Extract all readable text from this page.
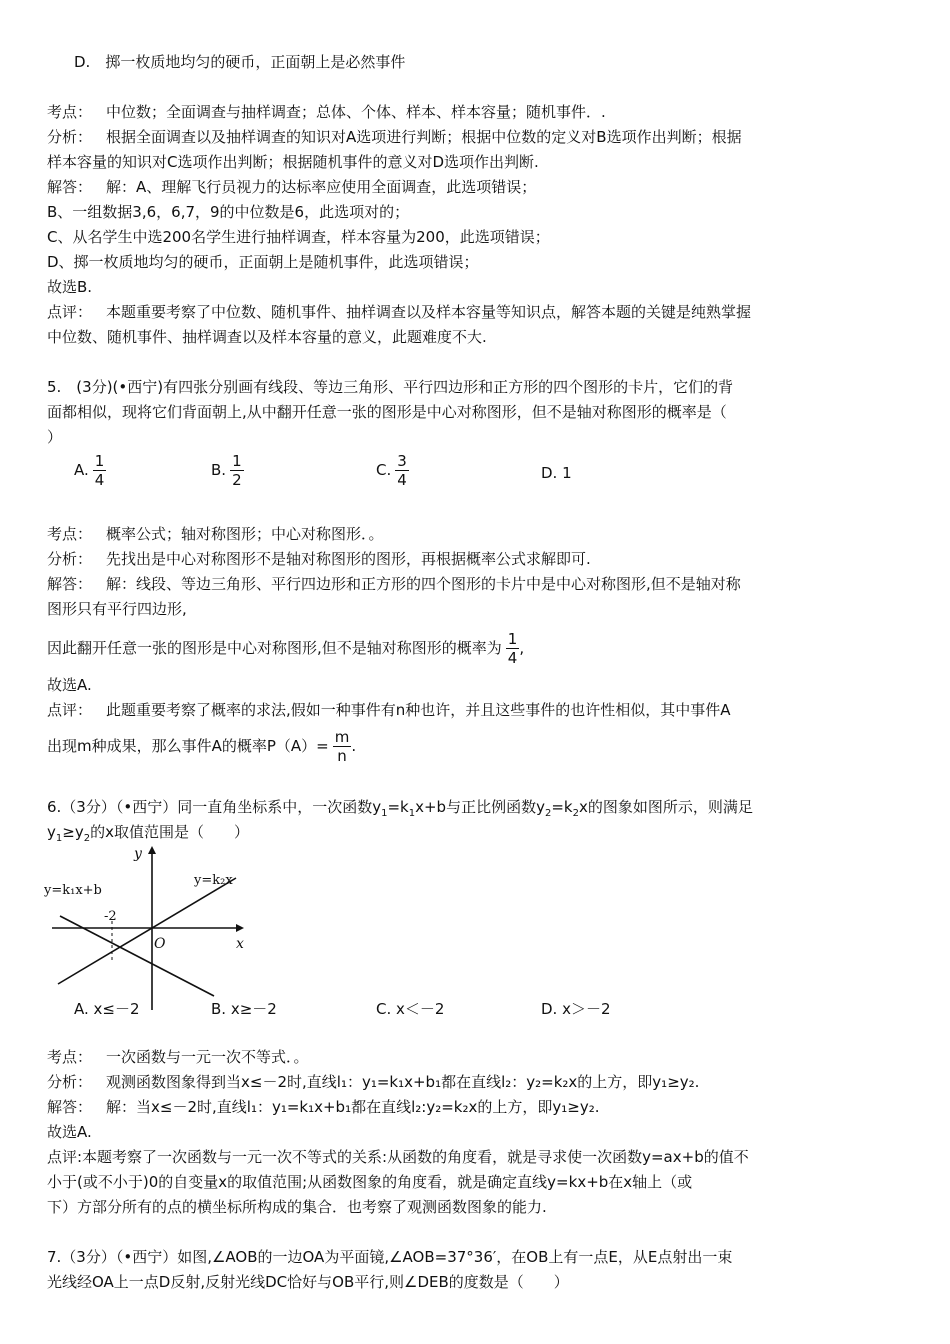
D.　掷一枚质地均匀的硬币，正面朝上是必然事件
考点： 中位数；全面调查与抽样调查；总体、个体、样本、样本容量；随机事件．.
分析： 根据全面调查以及抽样调查的知识对A选项进行判断；根据中位数的定义对B选项作出判断；根据
样本容量的知识对C选项作出判断；根据随机事件的意义对D选项作出判断.
解答： 解：A、理解飞行员视力的达标率应使用全面调查，此选项错误；
B、一组数据3,6，6,7，9的中位数是6，此选项对的；
C、从名学生中选200名学生进行抽样调查，样本容量为200，此选项错误；
D、掷一枚质地均匀的硬币，正面朝上是随机事件，此选项错误；
故选B.
点评： 本题重要考察了中位数、随机事件、抽样调查以及样本容量等知识点，解答本题的关键是纯熟掌握
中位数、随机事件、抽样调查以及样本容量的意义，此题难度不大.
5.　(3分)(•西宁)有四张分别画有线段、等边三角形、平行四边形和正方形的四个图形的卡片，它们的背
面都相似，现将它们背面朝上,从中翻开任意一张的图形是中心对称图形，但不是轴对称图形的概率是（
）
A. $\frac{1}{4}$	B. $\frac{1}{2}$	C. $\frac{3}{4}$	D. 1
考点： 概率公式；轴对称图形；中心对称图形．。
分析： 先找出是中心对称图形不是轴对称图形的图形，再根据概率公式求解即可.
解答： 解：线段、等边三角形、平行四边形和正方形的四个图形的卡片中是中心对称图形,但不是轴对称
图形只有平行四边形,
因此翻开任意一张的图形是中心对称图形,但不是轴对称图形的概率为 $\frac{1}{4}$ ,
故选A.
点评： 此题重要考察了概率的求法,假如一种事件有n种也许，并且这些事件的也许性相似，其中事件A
出现m种成果，那么事件A的概率$P(A)= \frac{m}{n}$ .
6.（3分）（•西宁）同一直角坐标系中，一次函数$y_1=k_1x+b$与正比例函数$y_2=k_2x$的图象如图所示，则满足
$y_1\ge y_2$的x取值范围是（　　）
y
x
O
-2
y=k₁x+b
y=k₂x
A. x≤－2	B. x≥－2	C. x＜－2	D. x＞－2
考点： 一次函数与一元一次不等式．。
分析： 观测函数图象得到当x≤－2时,直线l₁：y₁=k₁x+b₁都在直线l₂：y₂=k₂x的上方，即y₁≥y₂.
解答： 解：当x≤－2时,直线l₁：y₁=k₁x+b₁都在直线l₂:y₂=k₂x的上方，即y₁≥y₂.
故选A.
点评:本题考察了一次函数与一元一次不等式的关系:从函数的角度看，就是寻求使一次函数y=ax+b的值不
小于(或不小于)0的自变量x的取值范围;从函数图象的角度看，就是确定直线y=kx+b在x轴上（或
下）方部分所有的点的横坐标所构成的集合．也考察了观测函数图象的能力.
7.（3分）（•西宁）如图,∠AOB的一边OA为平面镜,∠AOB=37°36′，在OB上有一点E，从E点射出一束
光线经OA上一点D反射,反射光线DC恰好与OB平行,则∠DEB的度数是（　　）
